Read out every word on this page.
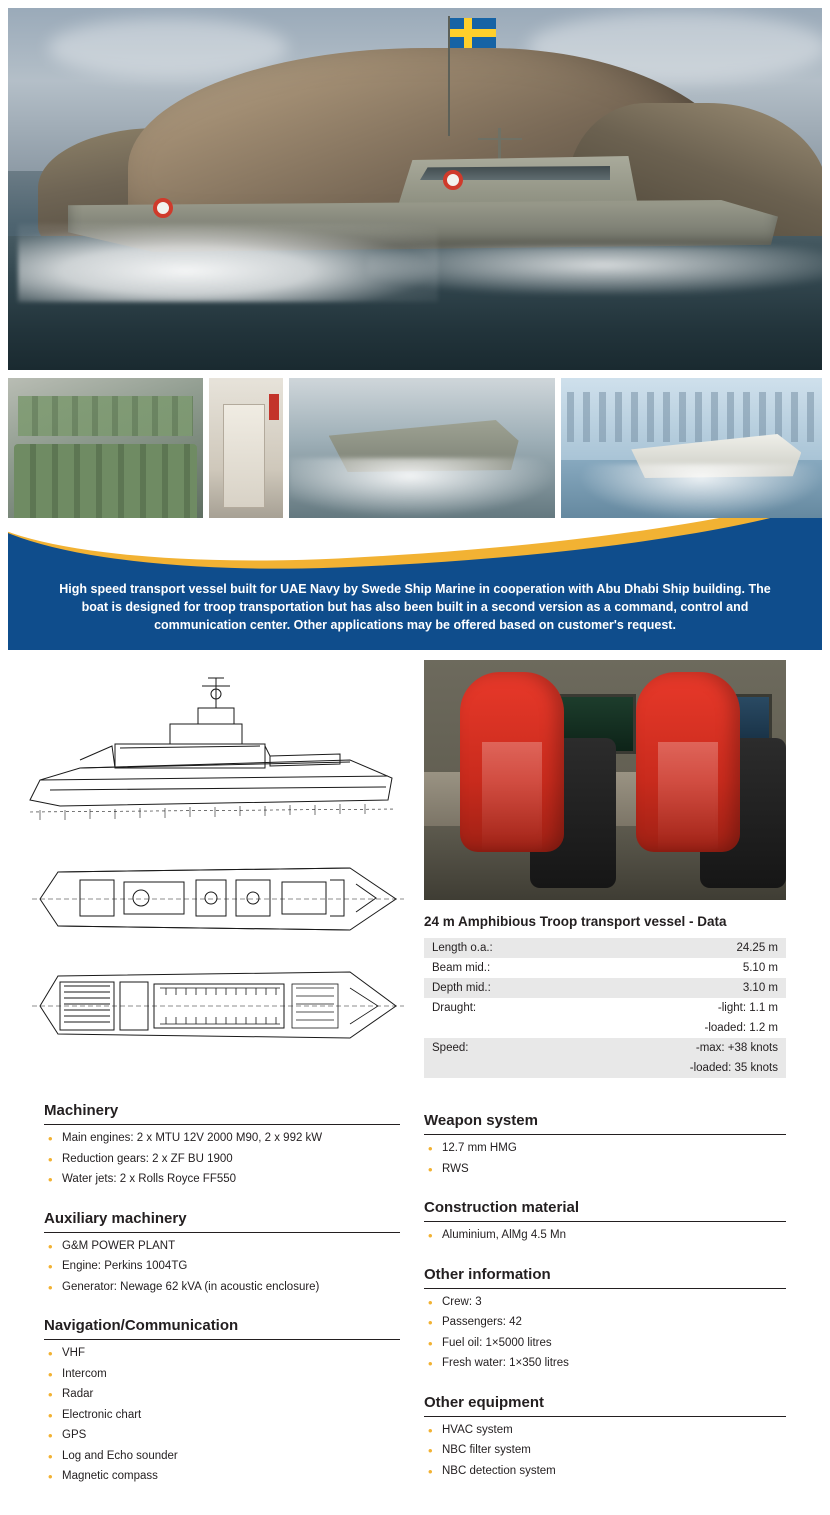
High speed transport vessel built for UAE Navy by Swede Ship Marine in cooperation with Abu Dhabi Ship building. The boat is designed for troop transportation but has also been built in a second version as a command, control and communication center. Other applications may be offered based on customer's request.
24 m Amphibious Troop transport vessel - Data
Length o.a.:	24.25 m
Beam mid.:	5.10 m
Depth mid.:	3.10 m
Draught:	-light: 1.1 m
	-loaded: 1.2 m
Speed:	-max: +38 knots
	-loaded: 35 knots
Machinery
• Main engines: 2 x MTU 12V 2000 M90, 2 x 992 kW
• Reduction gears: 2 x ZF BU 1900
• Water jets: 2 x Rolls Royce FF550
Auxiliary machinery
• G&M POWER PLANT
• Engine: Perkins 1004TG
• Generator: Newage 62 kVA (in acoustic enclosure)
Navigation/Communication
• VHF
• Intercom
• Radar
• Electronic chart
• GPS
• Log and Echo sounder
• Magnetic compass
Weapon system
• 12.7 mm HMG
• RWS
Construction material
• Aluminium, AlMg 4.5 Mn
Other information
• Crew: 3
• Passengers: 42
• Fuel oil: 1×5000 litres
• Fresh water: 1×350 litres
Other equipment
• HVAC system
• NBC filter system
• NBC detection system
